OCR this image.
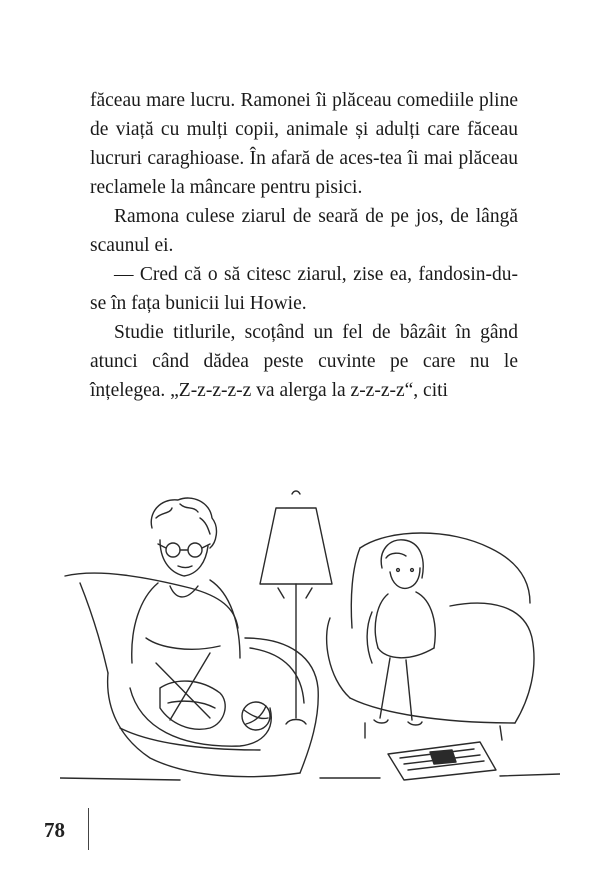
făceau mare lucru. Ramonei îi plăceau comediile pline de viață cu mulți copii, animale și adulți care făceau lucruri caraghioase. În afară de aces-tea îi mai plăceau reclamele la mâncare pentru pisici.

Ramona culese ziarul de seară de pe jos, de lângă scaunul ei.

— Cred că o să citesc ziarul, zise ea, fandosin-du-se în fața bunicii lui Howie.

Studie titlurile, scoțând un fel de bâzâit în gând atunci când dădea peste cuvinte pe care nu le înțelegea. „Z-z-z-z-z va alerga la z-z-z-z“, citi

78
